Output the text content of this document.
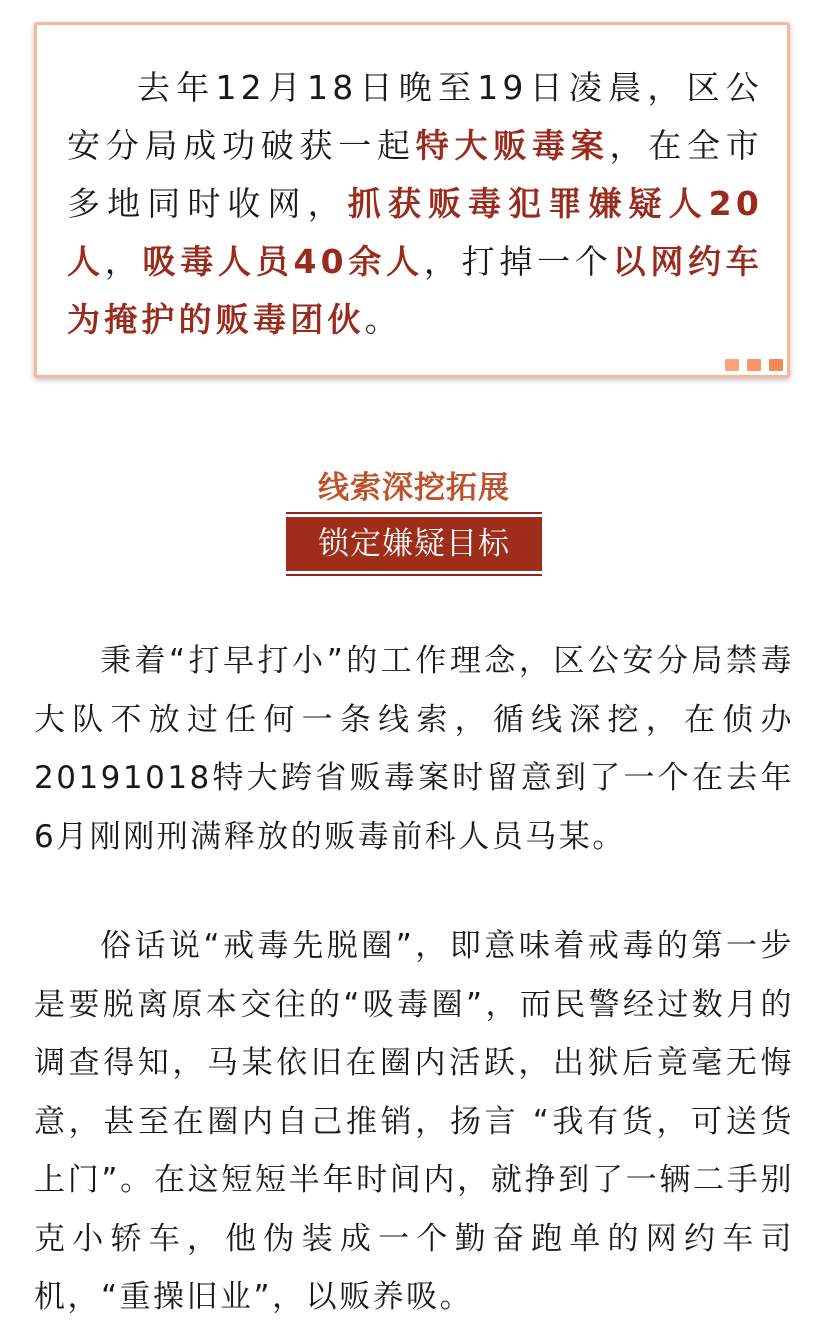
去年12月18日晚至19日凌晨，区公安分局成功破获一起特大贩毒案，在全市多地同时收网，抓获贩毒犯罪嫌疑人20人，吸毒人员40余人，打掉一个以网约车为掩护的贩毒团伙。

线索深挖拓展
锁定嫌疑目标

秉着“打早打小”的工作理念，区公安分局禁毒大队不放过任何一条线索，循线深挖，在侦办20191018特大跨省贩毒案时留意到了一个在去年6月刚刚刑满释放的贩毒前科人员马某。

俗话说“戒毒先脱圈”，即意味着戒毒的第一步是要脱离原本交往的“吸毒圈”，而民警经过数月的调查得知，马某依旧在圈内活跃，出狱后竟毫无悔意，甚至在圈内自己推销，扬言 “我有货，可送货上门”。在这短短半年时间内，就挣到了一辆二手别克小轿车，他伪装成一个勤奋跑单的网约车司机，“重操旧业”，以贩养吸。
